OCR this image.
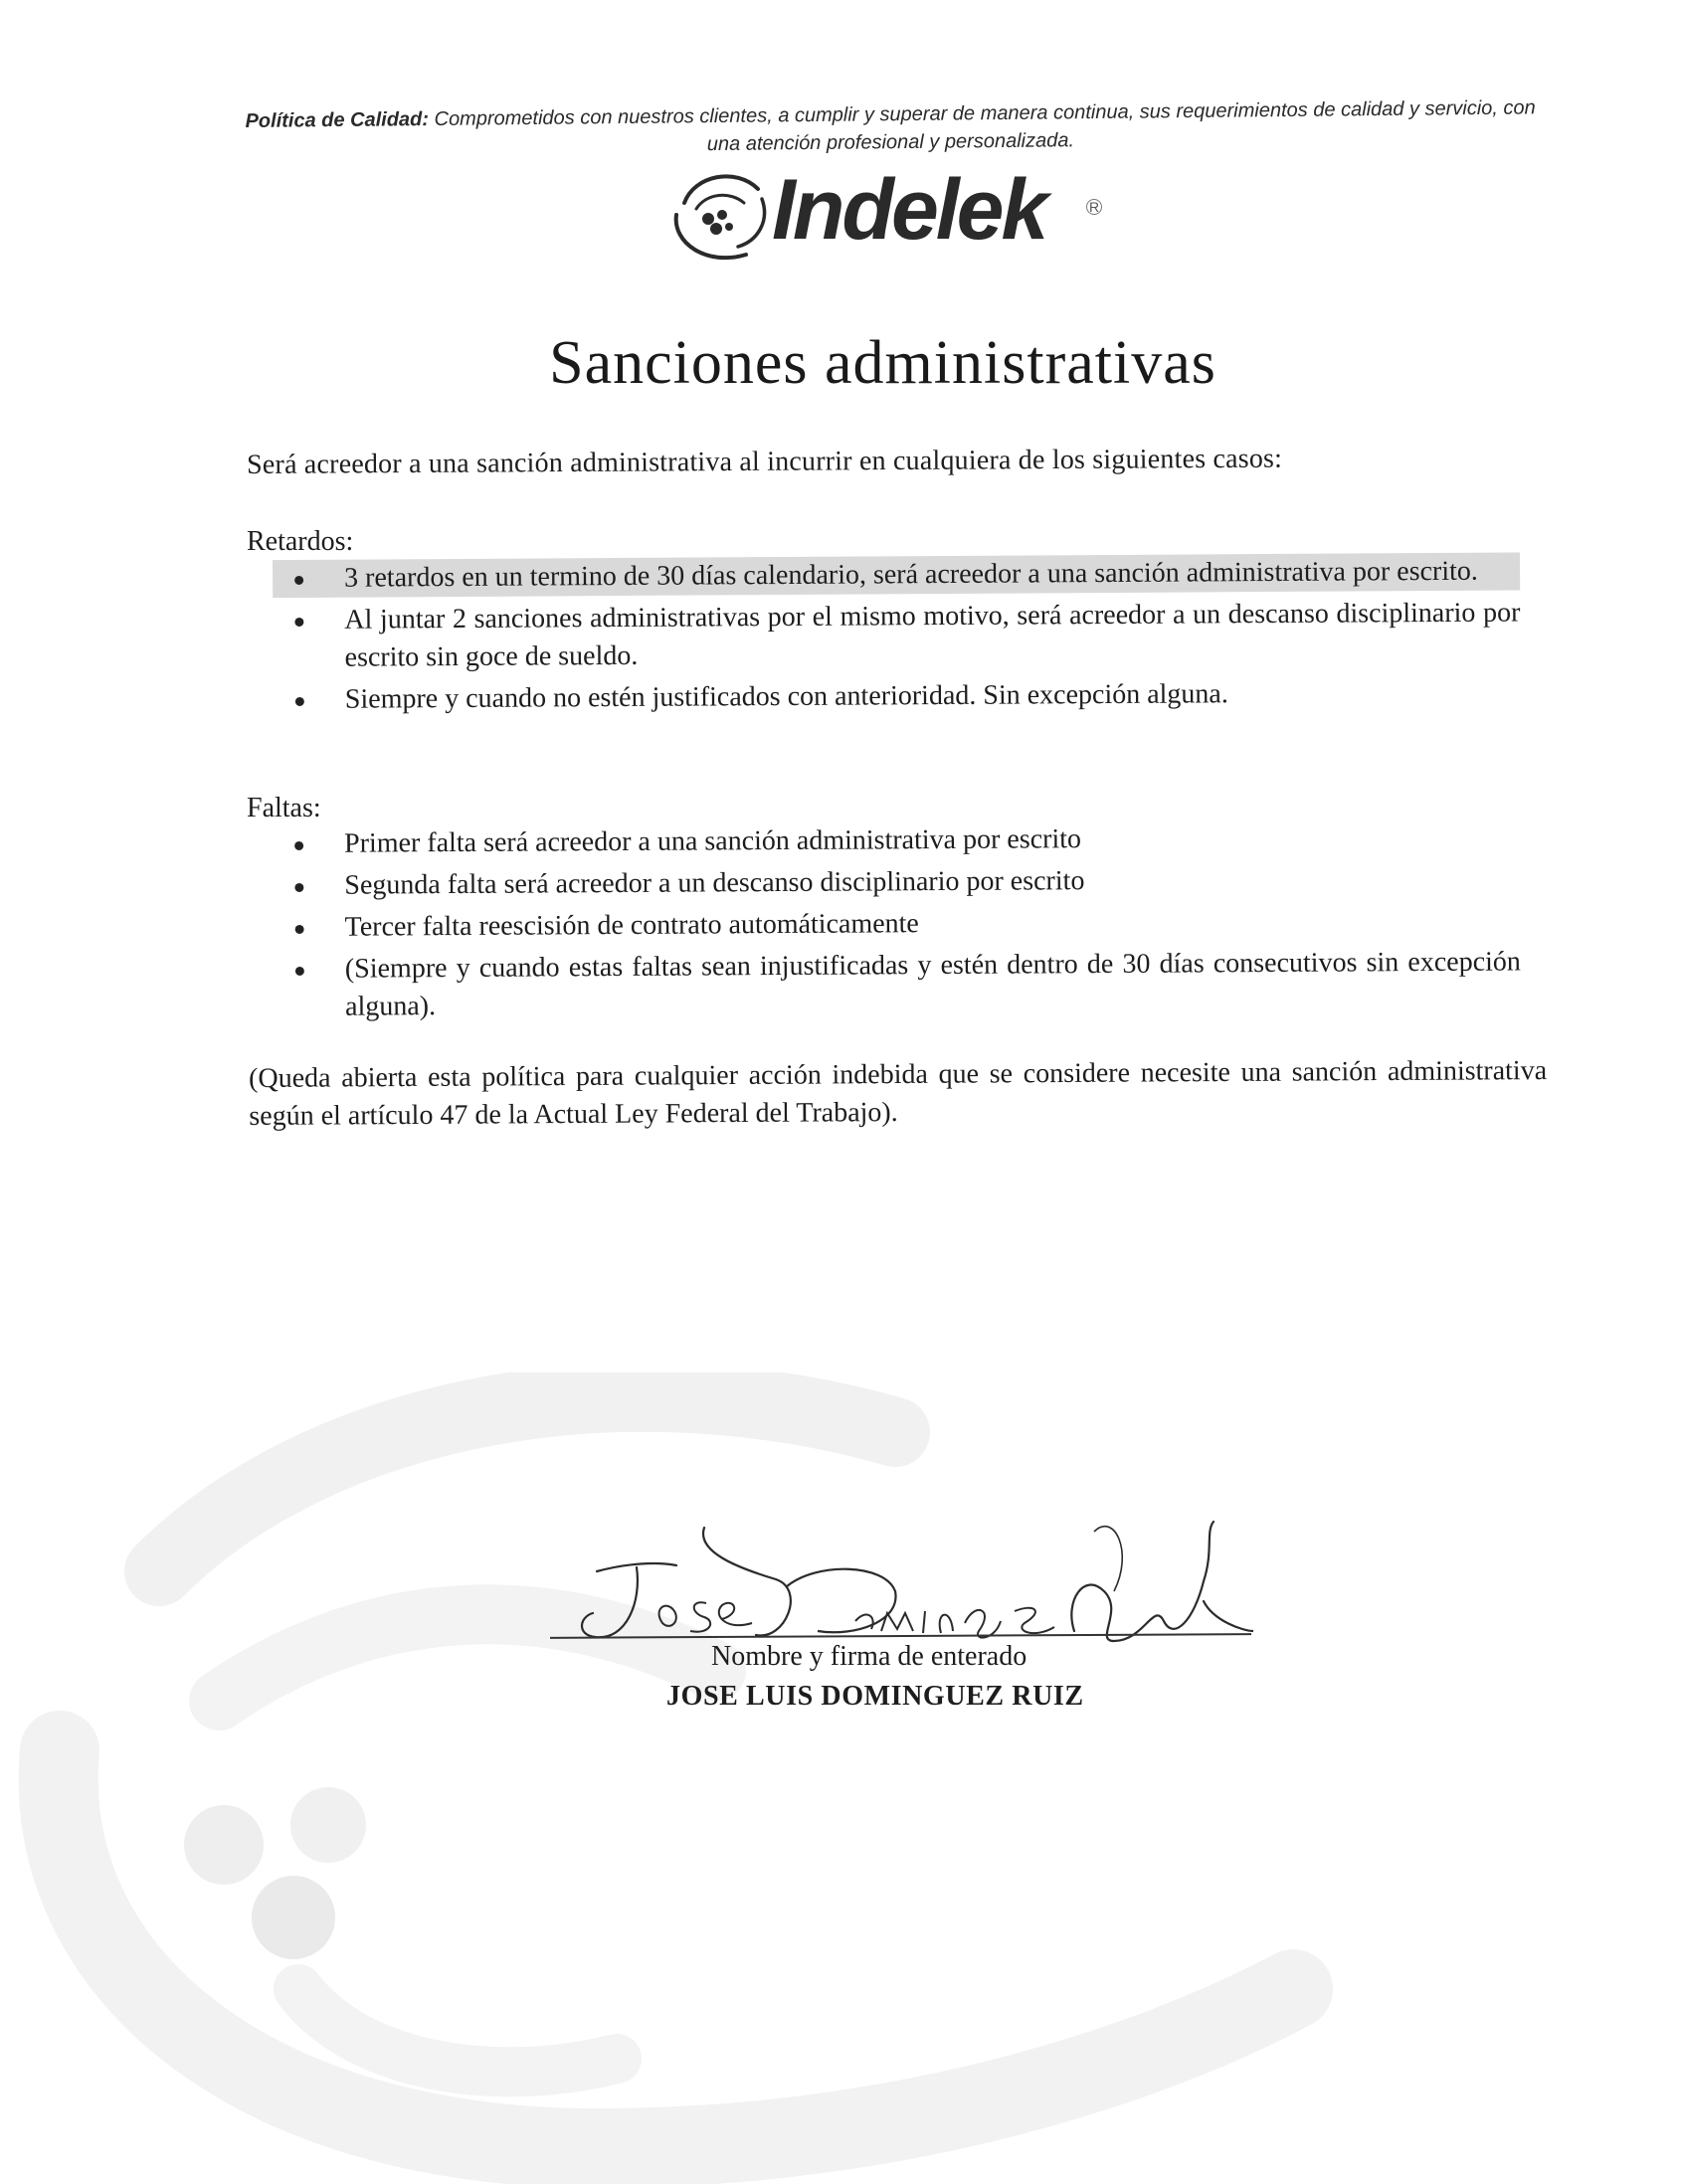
Política de Calidad: Comprometidos con nuestros clientes, a cumplir y superar de manera continua, sus requerimientos de calidad y servicio, con una atención profesional y personalizada.
Indelek	R
Sanciones administrativas
Será acreedor a una sanción administrativa al incurrir en cualquiera de los siguientes casos:
Retardos:
3 retardos en un termino de 30 días calendario, será acreedor a una sanción administrativa por escrito.
Al juntar 2 sanciones administrativas por el mismo motivo, será acreedor a un descanso disciplinario por escrito sin goce de sueldo.
Siempre y cuando no estén justificados con anterioridad. Sin excepción alguna.
Faltas:
Primer falta será acreedor a una sanción administrativa por escrito
Segunda falta será acreedor a un descanso disciplinario por escrito
Tercer falta reescisión de contrato automáticamente
(Siempre y cuando estas faltas sean injustificadas y estén dentro de 30 días consecutivos sin excepción alguna).
(Queda abierta esta política para cualquier acción indebida que se considere necesite una sanción administrativa según el artículo 47 de la Actual Ley Federal del Trabajo).
Nombre y firma de enterado
JOSE LUIS DOMINGUEZ RUIZ
